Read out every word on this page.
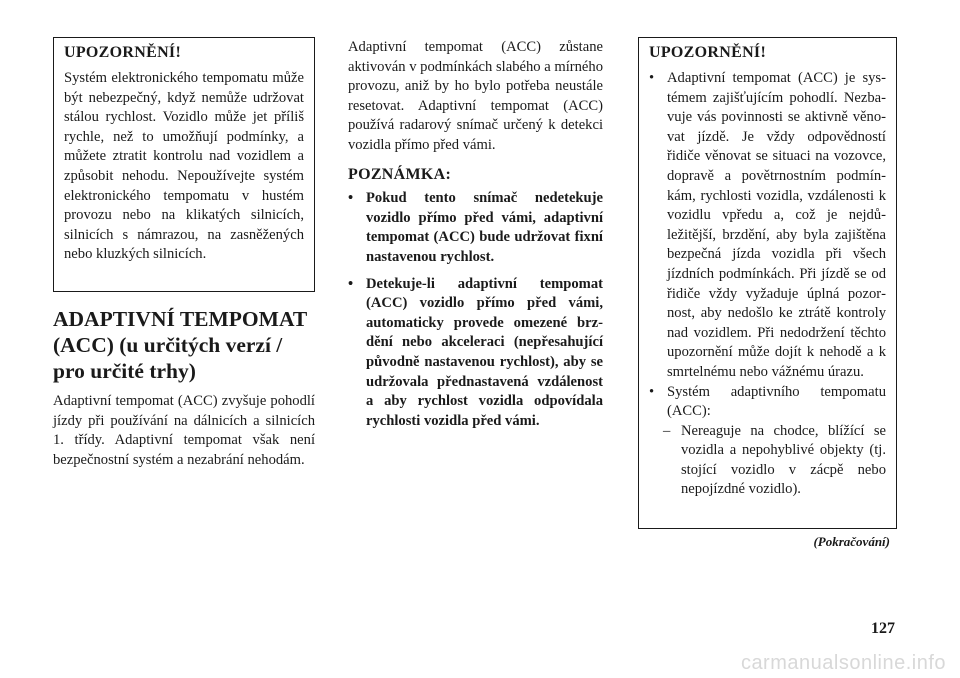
UPOZORNĚNÍ!

Systém elektronického tempomatu může být nebezpečný, když nemůže udržovat stálou rychlost. Vozidlo může jet příliš rychle, než to umožňují podmínky, a můžete ztratit kontrolu nad vozidlem a způsobit nehodu. Nepoužívejte systém elektronického tempomatu v hustém provozu nebo na klikatých silnicích, silnicích s námrazou, na zasněžených nebo kluzkých silnicích.

ADAPTIVNÍ TEMPOMAT (ACC) (u určitých verzí / pro určité trhy)

Adaptivní tempomat (ACC) zvyšuje pohodlí jízdy při používání na dálnicích a silnicích 1. třídy. Adaptivní tempomat však není bezpečnostní systém a nezabrání nehodám.

Adaptivní tempomat (ACC) zůstane aktivován v podmínkách slabého a mírného provozu, aniž by ho bylo potřeba neustále resetovat. Adaptivní tempomat (ACC) používá radarový snímač určený k detekci vozidla přímo před vámi.

POZNÁMKA:
• Pokud tento snímač nedetekuje vozidlo přímo před vámi, adaptivní tempomat (ACC) bude udržovat fixní nastavenou rychlost.
• Detekuje-li adaptivní tempomat (ACC) vozidlo přímo před vámi, automaticky provede omezené brzdění nebo akceleraci (nepřesahující původně nastavenou rychlost), aby se udržovala přednastavená vzdálenost a aby rychlost vozidla odpovídala rychlosti vozidla před vámi.
UPOZORNĚNÍ!
• Adaptivní tempomat (ACC) je systémem zajišťujícím pohodlí. Nezbavuje vás povinnosti se aktivně věnovat jízdě. Je vždy odpovědností řidiče věnovat se situaci na vozovce, dopravě a povětrnostním podmínkám, rychlosti vozidla, vzdálenosti k vozidlu vpředu a, což je nejdůležitější, brzdění, aby byla zajištěna bezpečná jízda vozidla při všech jízdních podmínkách. Při jízdě se od řidiče vždy vyžaduje úplná pozornost, aby nedošlo ke ztrátě kontroly nad vozidlem. Při nedodržení těchto upozornění může dojít k nehodě a k smrtelnému nebo vážnému úrazu.
• Systém adaptivního tempomatu (ACC):
– Nereaguje na chodce, blížící se vozidla a nepohyblivé objekty (tj. stojící vozidlo v zácpě nebo nepojízdné vozidlo).
(Pokračování)
127
carmanualsonline.info
